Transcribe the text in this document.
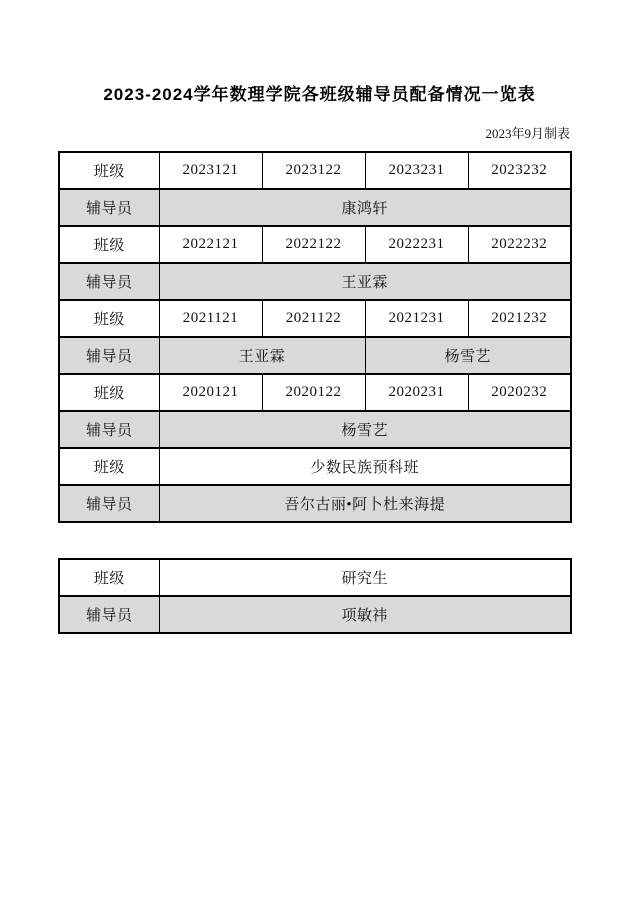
2023-2024学年数理学院各班级辅导员配备情况一览表
2023年9月制表
班级	2023121	2023122	2023231	2023232
辅导员	康鸿轩			
班级	2022121	2022122	2022231	2022232
辅导员	王亚霖			
班级	2021121	2021122	2021231	2021232
辅导员	王亚霖		杨雪艺	
班级	2020121	2020122	2020231	2020232
辅导员	杨雪艺			
班级	少数民族预科班			
辅导员	吾尔古丽•阿卜杜来海提			
班级	研究生
辅导员	项敏祎
